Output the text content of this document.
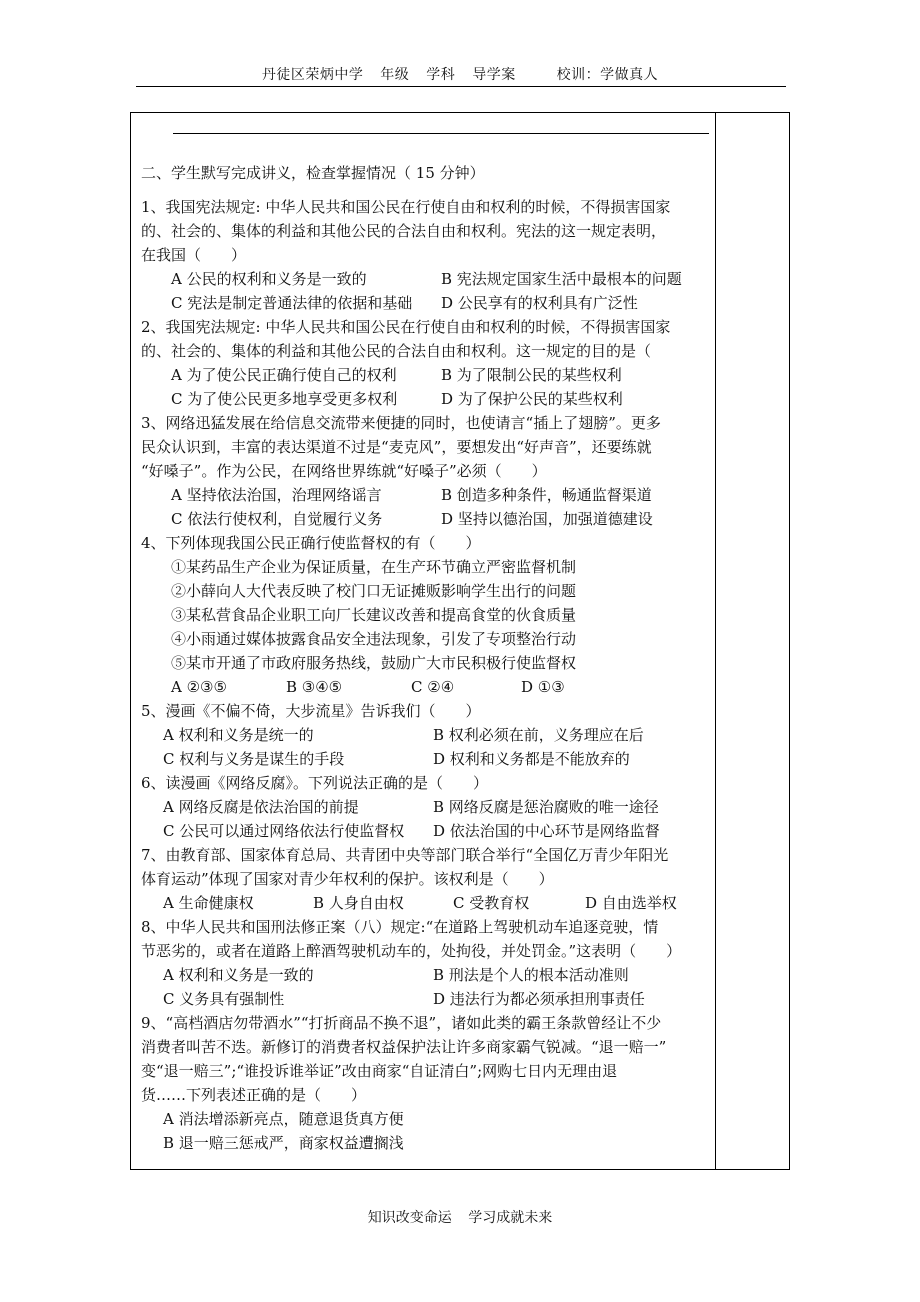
丹徒区荣炳中学 年级 学科 导学案	校训：学做真人
二、学生默写完成讲义，检查掌握情况（ 15 分钟）
1、我国宪法规定: 中华人民共和国公民在行使自由和权利的时候，不得损害国家
的、社会的、集体的利益和其他公民的合法自由和权利。宪法的这一规定表明，
在我国（　　）
A 公民的权利和义务是一致的	B 宪法规定国家生活中最根本的问题
C 宪法是制定普通法律的依据和基础 D 公民享有的权利具有广泛性
2、我国宪法规定: 中华人民共和国公民在行使自由和权利的时候，不得损害国家
的、社会的、集体的利益和其他公民的合法自由和权利。这一规定的目的是（
A 为了使公民正确行使自己的权利	B 为了限制公民的某些权利
C 为了使公民更多地享受更多权利	D 为了保护公民的某些权利
3、网络迅猛发展在给信息交流带来便捷的同时，也使请言“插上了翅膀”。更多
民众认识到，丰富的表达渠道不过是“麦克风”，要想发出“好声音”，还要练就
“好嗓子”。作为公民，在网络世界练就“好嗓子”必须（　　）
A 坚持依法治国，治理网络谣言	B 创造多种条件，畅通监督渠道
C 依法行使权利，自觉履行义务	D 坚持以德治国，加强道德建设
4、下列体现我国公民正确行使监督权的有（　　）
①某药品生产企业为保证质量，在生产环节确立严密监督机制
②小薛向人大代表反映了校门口无证摊贩影响学生出行的问题
③某私营食品企业职工向厂长建议改善和提高食堂的伙食质量
④小雨通过媒体披露食品安全违法现象，引发了专项整治行动
⑤某市开通了市政府服务热线，鼓励广大市民积极行使监督权
A ②③⑤	B ③④⑤	C ②④	D ①③
5、漫画《不偏不倚，大步流星》告诉我们（　　）
A 权利和义务是统一的	B 权利必须在前，义务理应在后
C 权利与义务是谋生的手段	D 权利和义务都是不能放弃的
6、读漫画《网络反腐》。下列说法正确的是（　　）
A 网络反腐是依法治国的前提	B 网络反腐是惩治腐败的唯一途径
C 公民可以通过网络依法行使监督权 D 依法治国的中心环节是网络监督
7、由教育部、国家体育总局、共青团中央等部门联合举行“全国亿万青少年阳光
体育运动”体现了国家对青少年权利的保护。该权利是（　　）
A 生命健康权	B 人身自由权	C 受教育权	D 自由选举权
8、中华人民共和国刑法修正案（八）规定:“在道路上驾驶机动车追逐竞驶，情
节恶劣的，或者在道路上醉酒驾驶机动车的，处拘役，并处罚金。”这表明（　　）
A 权利和义务是一致的	B 刑法是个人的根本活动准则
C 义务具有强制性	D 违法行为都必须承担刑事责任
9、“高档酒店勿带酒水”“打折商品不换不退”，诸如此类的霸王条款曾经让不少
消费者叫苦不迭。新修订的消费者权益保护法让许多商家霸气锐减。“退一赔一”
变“退一赔三”;“谁投诉谁举证”改由商家“自证清白”;网购七日内无理由退
货……下列表述正确的是（　　）
A 消法增添新亮点，随意退货真方便
B 退一赔三惩戒严，商家权益遭搁浅
知识改变命运 学习成就未来
